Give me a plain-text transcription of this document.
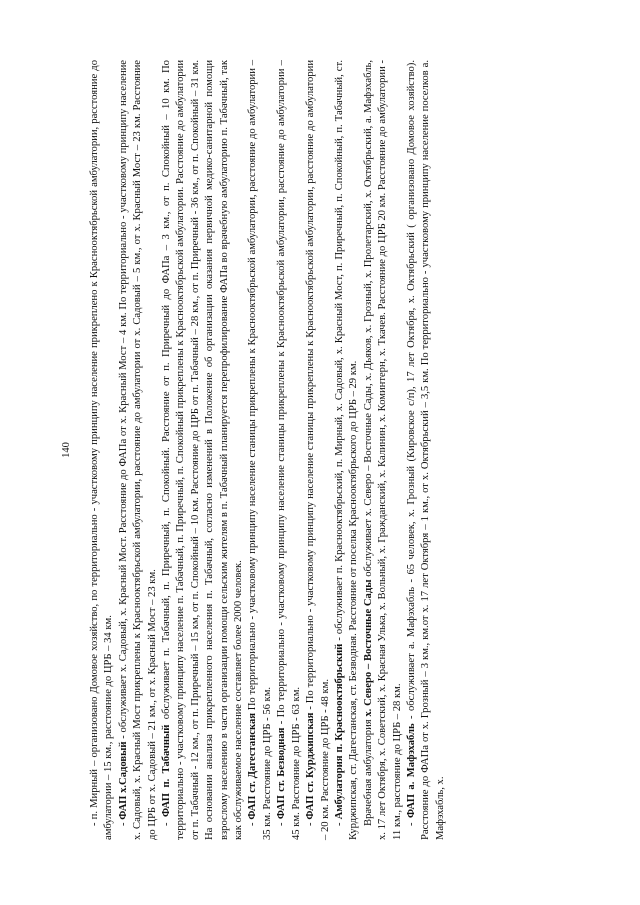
140 - п. Мирный – организовано Домовое хозяйство, по территориально - участковому принципу население прикреплено к Краснооктябрьской амбулатории, расстояние до амбулатории – 15 км., расстояние до ЦРБ – 34 км. - ФАП х.Садовый - обслуживает х. Садовый, х. Красный Мост. Расстояние до ФАПа от х. Красный Мост – 4 км. По территориально - участковому принципу население х. Садовый, х. Красный Мост прикреплены к Краснооктябрьской амбулатории, расстояние до амбулатории от х. Садовый – 5 км., от х. Красный Мост – 23 км. Расстояние до ЦРБ от х. Садовый – 21 км., от х. Красный Мост – 23 км. - ФАП п. Табачный обслуживает п. Табачный, п. Приречный, п. Спокойный. Расстояние от п. Приречный до ФАПа – 3 км., от п. Спокойный – 10 км. По территориально - участковому принципу население п. Табачный, п. Приречный, п. Спокойный прикреплены к Краснооктябрьской амбулатории. Расстояние до амбулатории от п. Табачный - 12 км., от п. Приречный – 15 км, от п. Спокойный – 10 км. Расстояние до ЦРБ от п. Табачный – 28 км., от п. Приречный - 36 км., от п. Спокойный – 31 км. На основании анализа прикрепленного населения п. Табачный, согласно изменений в Положение об организации оказания первичной медико-санитарной помощи взрослому населению в части организации помощи сельским жителям в п. Табачный планируется перепрофилирование ФАПа во врачебную амбулаторию п. Табачный, так как обслуживаемое население составляет более 2000 человек. - ФАП ст. Дагестанская По территориально - участковому принципу население станицы прикреплены к Краснооктябрьской амбулатории, расстояние до амбулатории – 35 км. Расстояние до ЦРБ - 56 км. - ФАП ст. Безводная - По территориально - участковому принципу население станицы прикреплены к Краснооктябрьской амбулатории, расстояние до амбулатории – 45 км. Расстояние до ЦРБ - 63 км. - ФАП ст. Курджипская - По территориально - участковому принципу население станицы прикреплены к Краснооктябрьской амбулатории, расстояние до амбулатории – 20 км. Расстояние до ЦРБ - 48 км. - Амбулатория п. Краснооктябрьский - обслуживает п. Краснооктябрьский, п. Мирный, х. Садовый, х. Красный Мост, п. Приречный, п. Спокойный, п. Табачный, ст. Курджипская, ст. Дагестанская, ст. Безводная. Расстояние от поселка Краснооктябрьского до ЦРБ – 29 км. Врачебная амбулатория х. Северо – Восточные Сады обслуживает х. Северо – Восточные Сады, х. Дьяков, х. Грозный, х. Пролетарский, х. Октябрьский, а. Мафэхабль, х. 17 лет Октября, х. Советский, х. Красная Улька, х. Вольный, х. Гражданский, х. Калинин, х. Коминтерн, х. Ткачев. Расстояние до ЦРБ 20 км. Расстояние до амбулатории - 11 км., расстояние до ЦРБ – 28 км. - ФАП а. Мафэхабль - обслуживает а. Мафэхабль - 65 человек, х. Грозный (Кировское с/п), 17 лет Октября, х. Октябрьский ( организовано Домовое хозяйство). Расстояние до ФАПа от х. Грозный – 3 км., км.от х. 17 лет Октября – 1 км., от х. Октябрьский – 3,5 км. По территориально - участковому принципу население поселков а. Мафэхабль, х.
